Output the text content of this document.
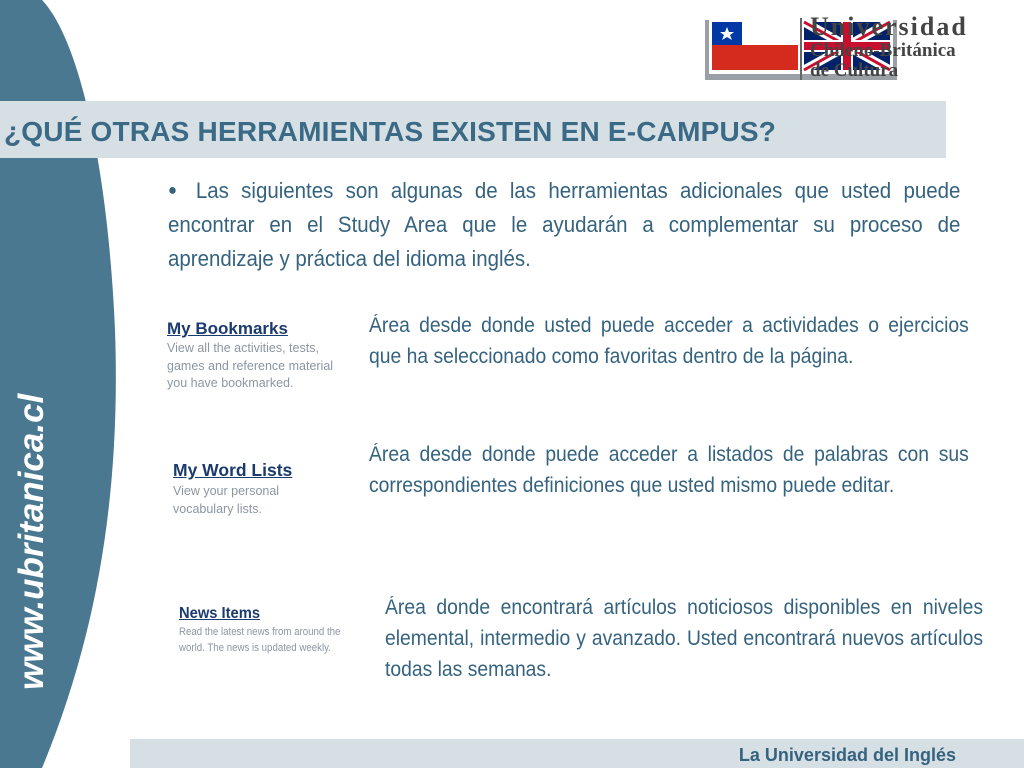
www.ubritanica.cl
Universidad
Chileno-Británica
de Cultura
¿QUÉ OTRAS HERRAMIENTAS EXISTEN EN E-CAMPUS?
● Las siguientes son algunas de las herramientas adicionales que usted puede encontrar en el Study Area que le ayudarán a complementar su proceso de aprendizaje y práctica del idioma inglés.
My Bookmarks
View all the activities, tests, games and reference material you have bookmarked.
Área desde donde usted puede acceder a actividades o ejercicios que ha seleccionado como favoritas dentro de la página.
My Word Lists
View your personal vocabulary lists.
Área desde donde puede acceder a listados de palabras con sus correspondientes definiciones que usted mismo puede editar.
News Items
Read the latest news from around the world. The news is updated weekly.
Área donde encontrará artículos noticiosos disponibles en niveles elemental, intermedio y avanzado. Usted encontrará nuevos artículos todas las semanas.
La Universidad del Inglés
